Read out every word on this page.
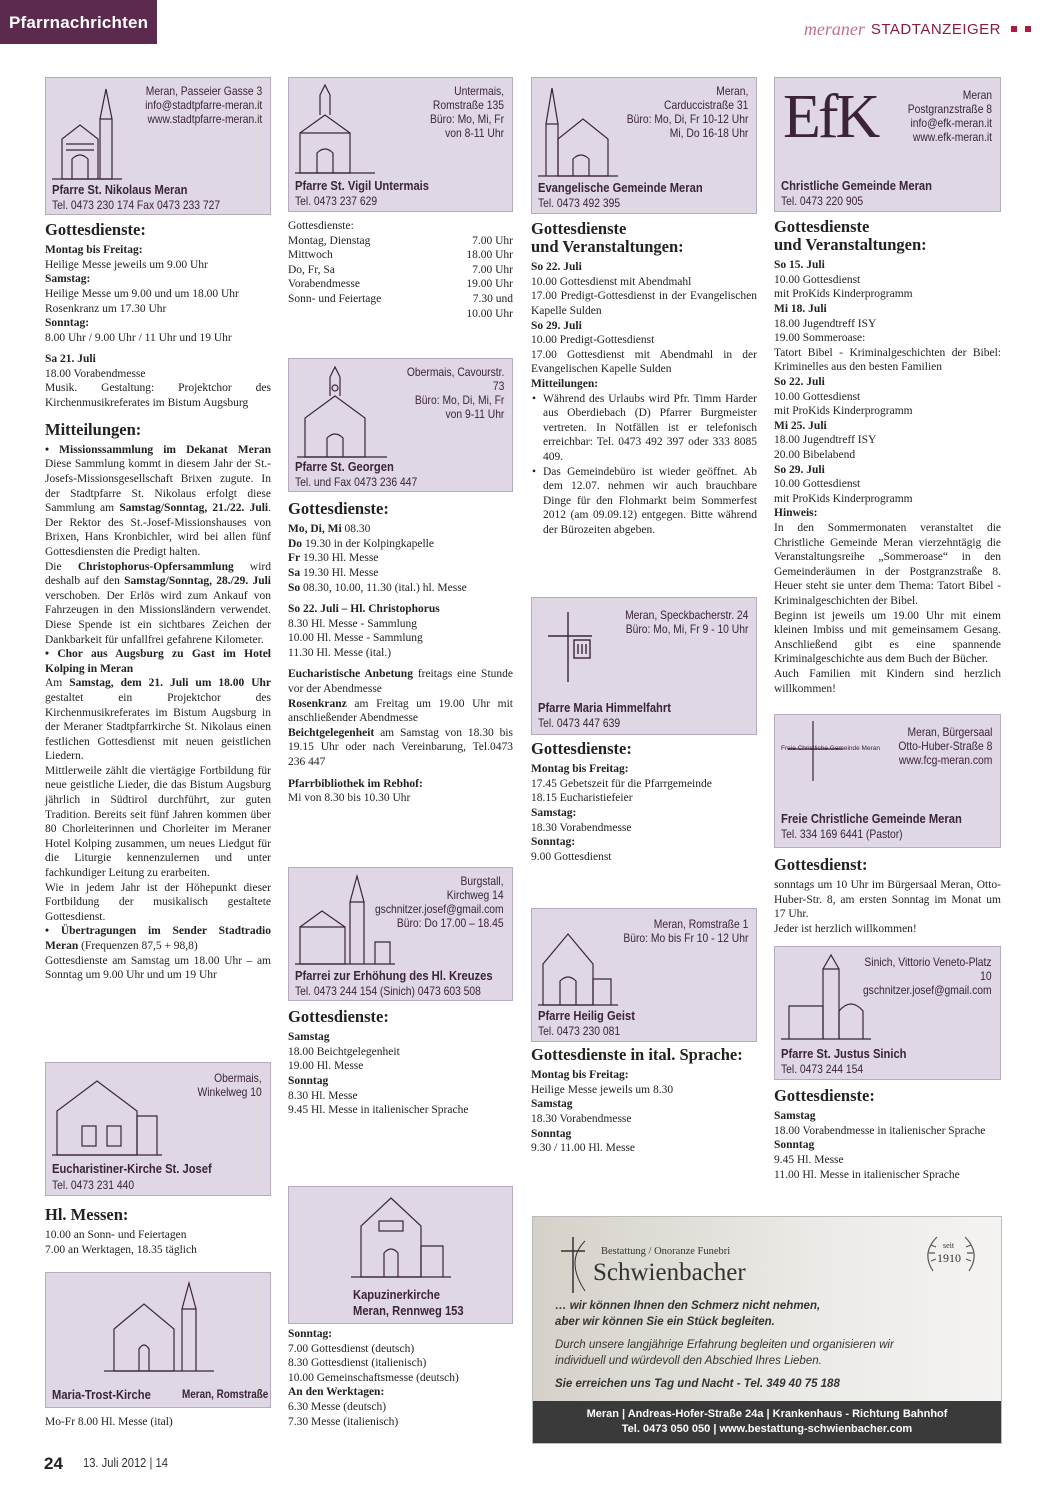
Pfarrnachrichten	meraner STADTANZEIGER
Meran, Passeier Gasse 3
info@stadtpfarre-meran.it
www.stadtpfarre-meran.it
Pfarre St. Nikolaus Meran
Tel. 0473 230 174 Fax 0473 233 727
Gottesdienste:

Montag bis Freitag:

Heilige Messe jeweils um 9.00 Uhr

Samstag:

Heilige Messe um 9.00 und um 18.00 Uhr

Rosenkranz um 17.30 Uhr

Sonntag:

8.00 Uhr / 9.00 Uhr / 11 Uhr und 19 Uhr

Sa 21. Juli

18.00 Vorabendmesse

Musik. Gestaltung: Projektchor des Kirchenmusikreferates im Bistum Augsburg

Mitteilungen:
• Missionssammlung im Dekanat Meran Diese Sammlung kommt in diesem Jahr der St.-Josefs-Missionsgesellschaft Brixen zugute. In der Stadtpfarre St. Nikolaus erfolgt diese Sammlung am Samstag/Sonntag, 21./22. Juli. Der Rektor des St.-Josef-Missionshauses von Brixen, Hans Kronbichler, wird bei allen fünf Gottesdiensten die Predigt halten.
Die Christophorus-Opfersammlung wird deshalb auf den Samstag/Sonntag, 28./29. Juli verschoben. Der Erlös wird zum Ankauf von Fahrzeugen in den Missionsländern verwendet. Diese Spende ist ein sichtbares Zeichen der Dankbarkeit für unfallfrei gefahrene Kilometer.
• Chor aus Augsburg zu Gast im Hotel Kolping in Meran
Am Samstag, dem 21. Juli um 18.00 Uhr gestaltet ein Projektchor des Kirchenmusikreferates im Bistum Augsburg in der Meraner Stadtpfarrkirche St. Nikolaus einen festlichen Gottesdienst mit neuen geistlichen Liedern.

Mittlerweile zählt die viertägige Fortbildung für neue geistliche Lieder, die das Bistum Augsburg jährlich in Südtirol durchführt, zur guten Tradition. Bereits seit fünf Jahren kommen über 80 Chorleiterinnen und Chorleiter im Meraner Hotel Kolping zusammen, um neues Liedgut für die Liturgie kennenzulernen und unter fachkundiger Leitung zu erarbeiten.

Wie in jedem Jahr ist der Höhepunkt dieser Fortbildung der musikalisch gestaltete Gottesdienst.

• Übertragungen im Sender Stadtradio Meran (Frequenzen 87,5 + 98,8)
Gottesdienste am Samstag um 18.00 Uhr – am Sonntag um 9.00 Uhr und um 19 Uhr
Obermais,
Winkelweg 10
Eucharistiner-Kirche St. Josef
Tel. 0473 231 440
Hl. Messen:

10.00 an Sonn- und Feiertagen

7.00 an Werktagen, 18.35 täglich

Maria-Trost-Kirche	Meran, Romstraße
Mo-Fr 8.00 Hl. Messe (ital)
Untermais,
Romstraße 135
Büro: Mo, Mi, Fr
von 8-11 Uhr
Pfarre St. Vigil Untermais
Tel. 0473 237 629

Gottesdienste:

Montag, Dienstag	7.00 Uhr
Mittwoch	18.00 Uhr
Do, Fr, Sa	7.00 Uhr
Vorabendmesse	19.00 Uhr
Sonn- und Feiertage	7.30 und
10.00 Uhr
Obermais, Cavourstr.
73
Büro: Mo, Di, Mi, Fr
von 9-11 Uhr
Pfarre St. Georgen
Tel. und Fax 0473 236 447
Gottesdienste:

Mo, Di, Mi 08.30

Do 19.30 in der Kolpingkapelle

Fr 19.30 Hl. Messe

Sa 19.30 Hl. Messe

So 08.30, 10.00, 11.30 (ital.) hl. Messe

So 22. Juli – Hl. Christophorus

8.30 Hl. Messe - Sammlung

10.00 Hl. Messe - Sammlung

11.30 Hl. Messe (ital.)

Eucharistische Anbetung freitags eine Stunde vor der Abendmesse

Rosenkranz am Freitag um 19.00 Uhr mit anschließender Abendmesse

Beichtgelegenheit am Samstag von 18.30 bis 19.15 Uhr oder nach Vereinbarung, Tel.0473 236 447

Pfarrbibliothek im Rebhof:

Mi von 8.30 bis 10.30 Uhr

Burgstall,
Kirchweg 14
gschnitzer.josef@gmail.com
Büro: Do 17.00 – 18.45
Pfarrei zur Erhöhung des Hl. Kreuzes
Tel. 0473 244 154 (Sinich) 0473 603 508
Gottesdienste:

Samstag

18.00 Beichtgelegenheit

19.00 Hl. Messe

Sonntag

8.30 Hl. Messe

9.45 Hl. Messe in italienischer Sprache

Kapuzinerkirche
Meran, Rennweg 153

Sonntag:

7.00 Gottesdienst (deutsch)

8.30 Gottesdienst (italienisch)

10.00 Gemeinschaftsmesse (deutsch)

An den Werktagen:

6.30 Messe (deutsch)

7.30 Messe (italienisch)

Meran,
Carduccistraße 31
Büro: Mo, Di, Fr 10-12 Uhr
Mi, Do 16-18 Uhr
Evangelische Gemeinde Meran
Tel. 0473 492 395
Gottesdienste
und Veranstaltungen:

So 22. Juli

10.00 Gottesdienst mit Abendmahl

17.00 Predigt-Gottesdienst in der Evangelischen Kapelle Sulden

So 29. Juli

10.00 Predigt-Gottesdienst

17.00 Gottesdienst mit Abendmahl in der Evangelischen Kapelle Sulden

Mitteilungen:

• Während des Urlaubs wird Pfr. Timm Harder aus Oberdiebach (D) Pfarrer Burgmeister vertreten. In Notfällen ist er telefonisch erreichbar: Tel. 0473 492 397 oder 333 8085 409.

• Das Gemeindebüro ist wieder geöffnet. Ab dem 12.07. nehmen wir auch brauchbare Dinge für den Flohmarkt beim Sommerfest 2012 (am 09.09.12) entgegen. Bitte während der Bürozeiten abgeben.

Meran, Speckbacherstr. 24
Büro: Mo, Mi, Fr 9 - 10 Uhr
Pfarre Maria Himmelfahrt
Tel. 0473 447 639
Gottesdienste:

Montag bis Freitag:

17.45 Gebetszeit für die Pfarrgemeinde

18.15 Eucharistiefeier

Samstag:

18.30 Vorabendmesse

Sonntag:

9.00 Gottesdienst

Meran, Romstraße 1
Büro: Mo bis Fr 10 - 12 Uhr
Pfarre Heilig Geist
Tel. 0473 230 081
Gottesdienste in ital. Sprache:

Montag bis Freitag:

Heilige Messe jeweils um 8.30

Samstag

18.30 Vorabendmesse

Sonntag

9.30 / 11.00 Hl. Messe

EfK	Meran
Postgranzstraße 8
info@efk-meran.it
www.efk-meran.it
Christliche Gemeinde Meran
Tel. 0473 220 905
Gottesdienste
und Veranstaltungen:

So 15. Juli

10.00 Gottesdienst

mit ProKids Kinderprogramm

Mi 18. Juli

18.00 Jugendtreff ISY

19.00 Sommeroase:

Tatort Bibel - Kriminalgeschichten der Bibel: Kriminelles aus den besten Familien

So 22. Juli

10.00 Gottesdienst

mit ProKids Kinderprogramm

Mi 25. Juli

18.00 Jugendtreff ISY

20.00 Bibelabend

So 29. Juli

10.00 Gottesdienst

mit ProKids Kinderprogramm

Hinweis:

In den Sommermonaten veranstaltet die Christliche Gemeinde Meran vierzehntägig die Veranstaltungsreihe „Sommeroase“ in den Gemeinderäumen in der Postgranzstraße 8. Heuer steht sie unter dem Thema: Tatort Bibel - Kriminalgeschichten der Bibel.

Beginn ist jeweils um 19.00 Uhr mit einem kleinen Imbiss und mit gemeinsamem Gesang. Anschließend gibt es eine spannende Kriminalgeschichte aus dem Buch der Bücher.

Auch Familien mit Kindern sind herzlich willkommen!

Freie Christliche Gemeinde Meran
Meran, Bürgersaal
Otto-Huber-Straße 8
www.fcg-meran.com
Freie Christliche Gemeinde Meran
Tel. 334 169 6441 (Pastor)
Gottesdienst:

sonntags um 10 Uhr im Bürgersaal Meran, Otto-Huber-Str. 8, am ersten Sonntag im Monat um 17 Uhr.

Jeder ist herzlich willkommen!

Sinich, Vittorio Veneto-Platz
10
gschnitzer.josef@gmail.com
Pfarre St. Justus Sinich
Tel. 0473 244 154
Gottesdienste:

Samstag

18.00 Vorabendmesse in italienischer Sprache

Sonntag

9.45 Hl. Messe

11.00 Hl. Messe in italienischer Sprache

Bestattung / Onoranze Funebri
Schwienbacher
seit
1910
… wir können Ihnen den Schmerz nicht nehmen,
aber wir können Sie ein Stück begleiten.
Durch unsere langjährige Erfahrung begleiten und organisieren wir
individuell und würdevoll den Abschied Ihres Lieben.
Sie erreichen uns Tag und Nacht - Tel. 349 40 75 188
Meran | Andreas-Hofer-Straße 24a | Krankenhaus - Richtung Bahnhof
Tel. 0473 050 050 | www.bestattung-schwienbacher.com
24 13. Juli 2012 | 14
